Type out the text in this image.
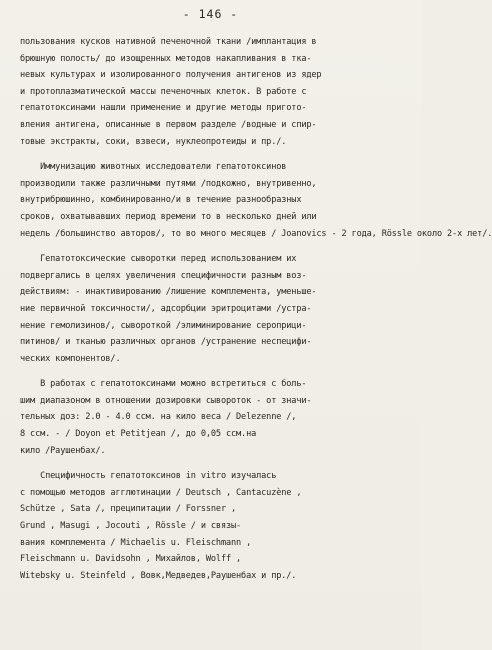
- 146 -
пользования кусков нативной печеночной ткани /имплантация в
брюшную полость/ до изощренных методов накапливания в тка-
невых культурах и изолированного получения антигенов из ядер
и протоплазматической массы печеночных клеток. В работе с
гепатотоксинами нашли применение и другие методы пригото-
вления антигена, описанные в первом разделе /водные и спир-
товые экстракты, соки, взвеси, нуклеопротеиды и пр./.
Иммунизацию животных исследователи гепатотоксинов
производили также различными путями /подкожно, внутривенно,
внутрибрюшинно, комбинированно/и в течение разнообразных
сроков, охватывавших период времени то в несколько дней или
недель /большинство авторов/, то во много месяцев / Joanovics - 2 года, Rössle около 2-х лет/.
Гепатотоксические сыворотки перед использованием их
подвергались в целях увеличения специфичности разным воз-
действиям: - инактивированию /лишение комплемента, уменьше-
ние первичной токсичности/, адсорбции эритроцитами /устра-
нение гемолизинов/, сывороткой /элиминирование сероприци-
питинов/ и тканью различных органов /устранение неспецифи-
ческих компонентов/.
В работах с гепатотоксинами можно встретиться с боль-
шим диапазоном в отношении дозировки сывороток - от значи-
тельных доз: 2.0 - 4.0 ссм. на кило веса / Delezenne /,
8 ссм. - / Doyon et Petitjean /, до 0,05 ссм.на
кило /Раушенбах/.
Специфичность гепатотоксинов in vitro изучалась
с помощью методов агглютинации / Deutsch , Cantacuzène ,
Schütze , Sata /, преципитации / Forssner ,
Grund , Masugi , Jocouti , Rössle / и связы-
вания комплемента / Michaelis u. Fleischmann ,
Fleischmann u. Davidsohn , Михайлов, Wolff ,
Witebsky u. Steinfeld , Вовк,Медведев,Раушенбах и пр./.
